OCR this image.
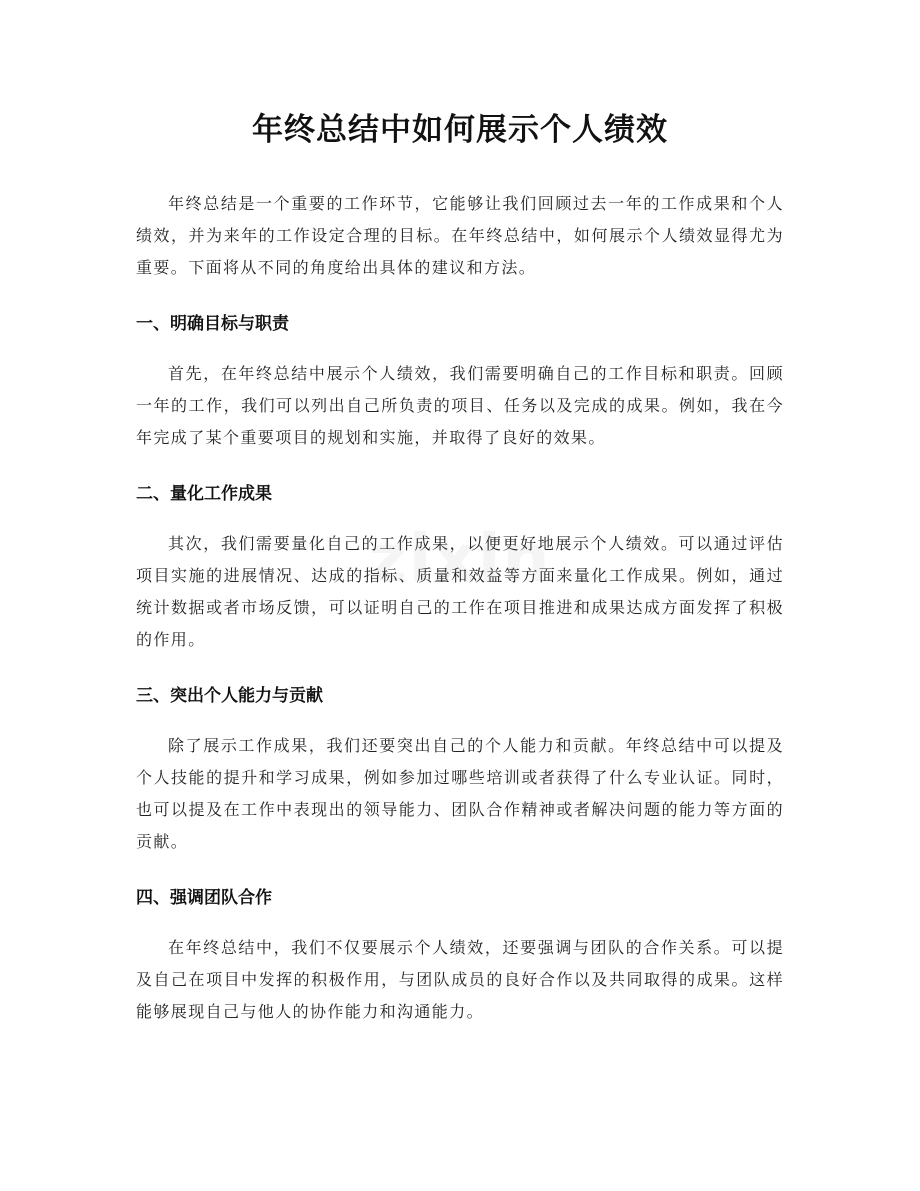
年终总结中如何展示个人绩效

年终总结是一个重要的工作环节，它能够让我们回顾过去一年的工作成果和个人绩效，并为来年的工作设定合理的目标。在年终总结中，如何展示个人绩效显得尤为重要。下面将从不同的角度给出具体的建议和方法。

一、明确目标与职责

首先，在年终总结中展示个人绩效，我们需要明确自己的工作目标和职责。回顾一年的工作，我们可以列出自己所负责的项目、任务以及完成的成果。例如，我在今年完成了某个重要项目的规划和实施，并取得了良好的效果。

二、量化工作成果

其次，我们需要量化自己的工作成果，以便更好地展示个人绩效。可以通过评估项目实施的进展情况、达成的指标、质量和效益等方面来量化工作成果。例如，通过统计数据或者市场反馈，可以证明自己的工作在项目推进和成果达成方面发挥了积极的作用。

三、突出个人能力与贡献

除了展示工作成果，我们还要突出自己的个人能力和贡献。年终总结中可以提及个人技能的提升和学习成果，例如参加过哪些培训或者获得了什么专业认证。同时，也可以提及在工作中表现出的领导能力、团队合作精神或者解决问题的能力等方面的贡献。

四、强调团队合作

在年终总结中，我们不仅要展示个人绩效，还要强调与团队的合作关系。可以提及自己在项目中发挥的积极作用，与团队成员的良好合作以及共同取得的成果。这样能够展现自己与他人的协作能力和沟通能力。

zixin
